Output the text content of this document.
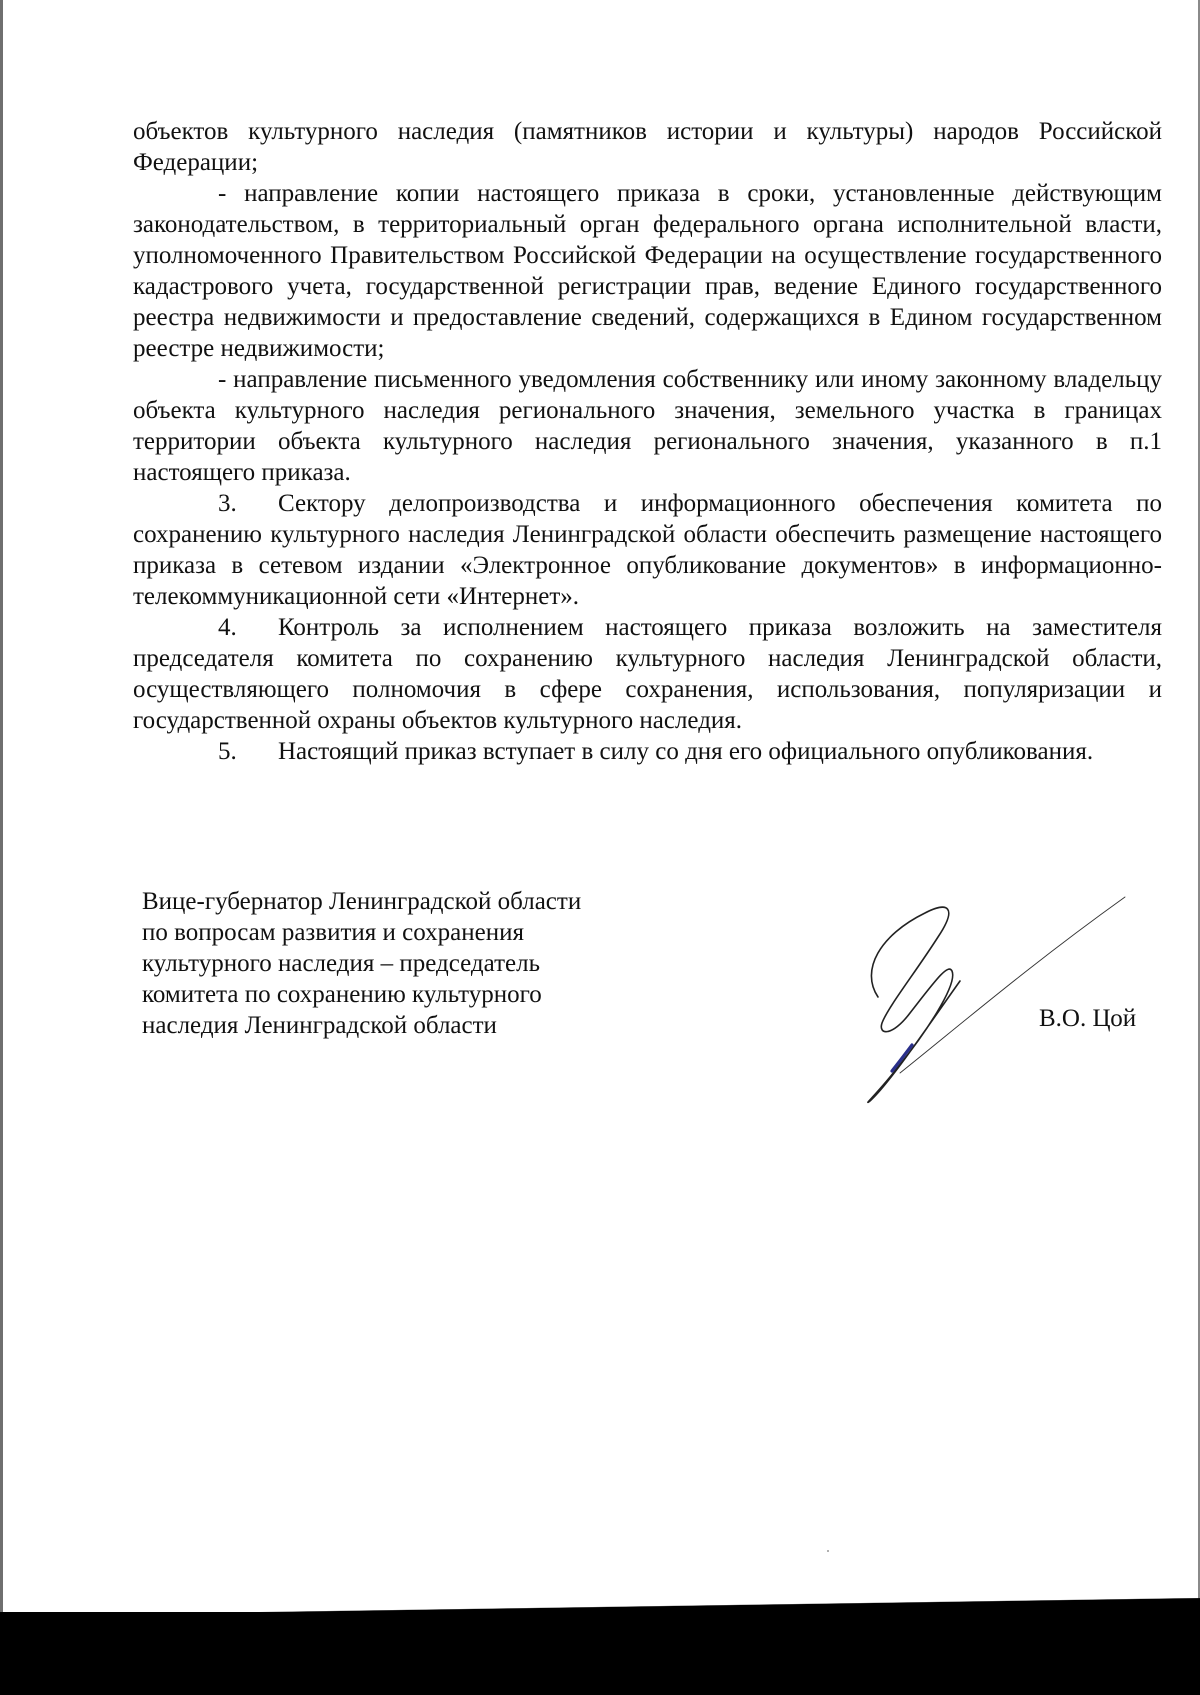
объектов культурного наследия (памятников истории и культуры) народов Российской Федерации;

- направление копии настоящего приказа в сроки, установленные действующим законодательством, в территориальный орган федерального органа исполнительной власти, уполномоченного Правительством Российской Федерации на осуществление государственного кадастрового учета, государственной регистрации прав, ведение Единого государственного реестра недвижимости и предоставление сведений, содержащихся в Едином государственном реестре недвижимости;

- направление письменного уведомления собственнику или иному законному владельцу объекта культурного наследия регионального значения, земельного участка в границах территории объекта культурного наследия регионального значения, указанного в п.1 настоящего приказа.

3. Сектору делопроизводства и информационного обеспечения комитета по сохранению культурного наследия Ленинградской области обеспечить размещение настоящего приказа в сетевом издании «Электронное опубликование документов» в информационно-телекоммуникационной сети «Интернет».

4. Контроль за исполнением настоящего приказа возложить на заместителя председателя комитета по сохранению культурного наследия Ленинградской области, осуществляющего полномочия в сфере сохранения, использования, популяризации и государственной охраны объектов культурного наследия.

5. Настоящий приказ вступает в силу со дня его официального опубликования.

Вице-губернатор Ленинградской области
по вопросам развития и сохранения
культурного наследия – председатель
комитета по сохранению культурного
наследия Ленинградской области	В.О. Цой
